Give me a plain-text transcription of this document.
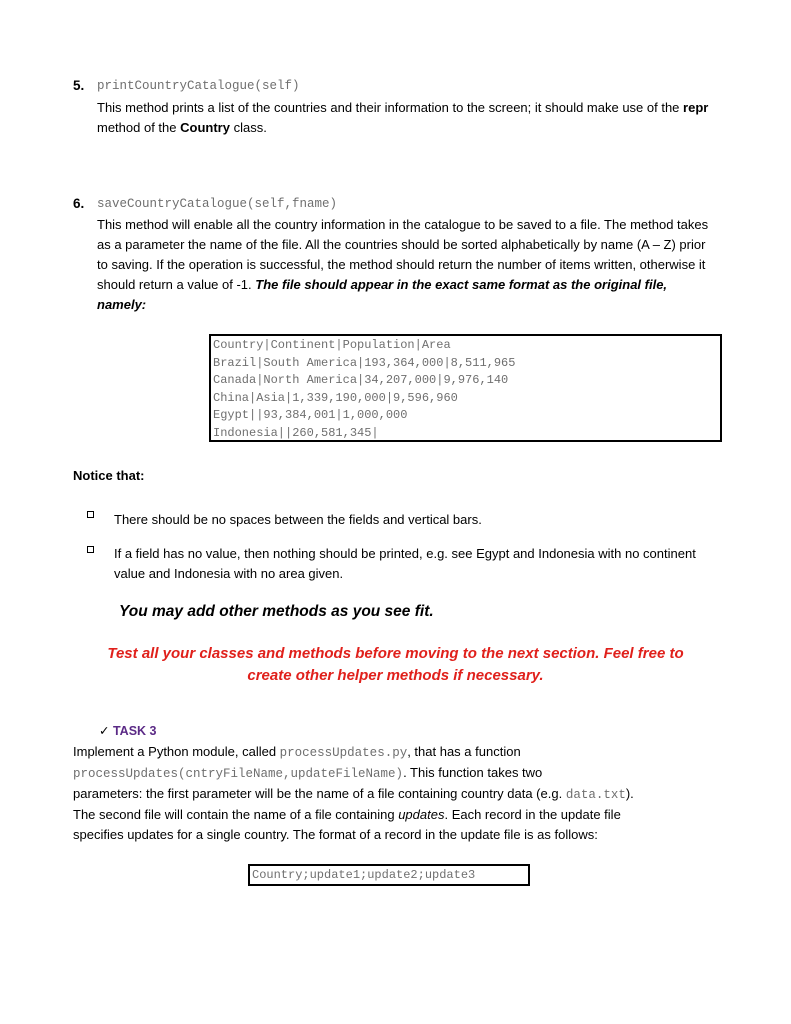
5. printCountryCatalogue(self)
This method prints a list of the countries and their information to the screen; it should make use of the repr method of the Country class.
6. saveCountryCatalogue(self,fname)
This method will enable all the country information in the catalogue to be saved to a file. The method takes as a parameter the name of the file. All the countries should be sorted alphabetically by name (A – Z) prior to saving. If the operation is successful, the method should return the number of items written, otherwise it should return a value of -1. The file should appear in the exact same format as the original file, namely:
Country|Continent|Population|Area
Brazil|South America|193,364,000|8,511,965
Canada|North America|34,207,000|9,976,140
China|Asia|1,339,190,000|9,596,960
Egypt||93,384,001|1,000,000
Indonesia||260,581,345|
Notice that:
There should be no spaces between the fields and vertical bars.
If a field has no value, then nothing should be printed, e.g. see Egypt and Indonesia with no continent value and Indonesia with no area given.
You may add other methods as you see fit.
Test all your classes and methods before moving to the next section. Feel free to
create other helper methods if necessary.
✓ TASK 3
Implement a Python module, called processUpdates.py, that has a function
processUpdates(cntryFileName,updateFileName). This function takes two
parameters: the first parameter will be the name of a file containing country data (e.g. data.txt).
The second file will contain the name of a file containing updates. Each record in the update file
specifies updates for a single country. The format of a record in the update file is as follows:
Country;update1;update2;update3
